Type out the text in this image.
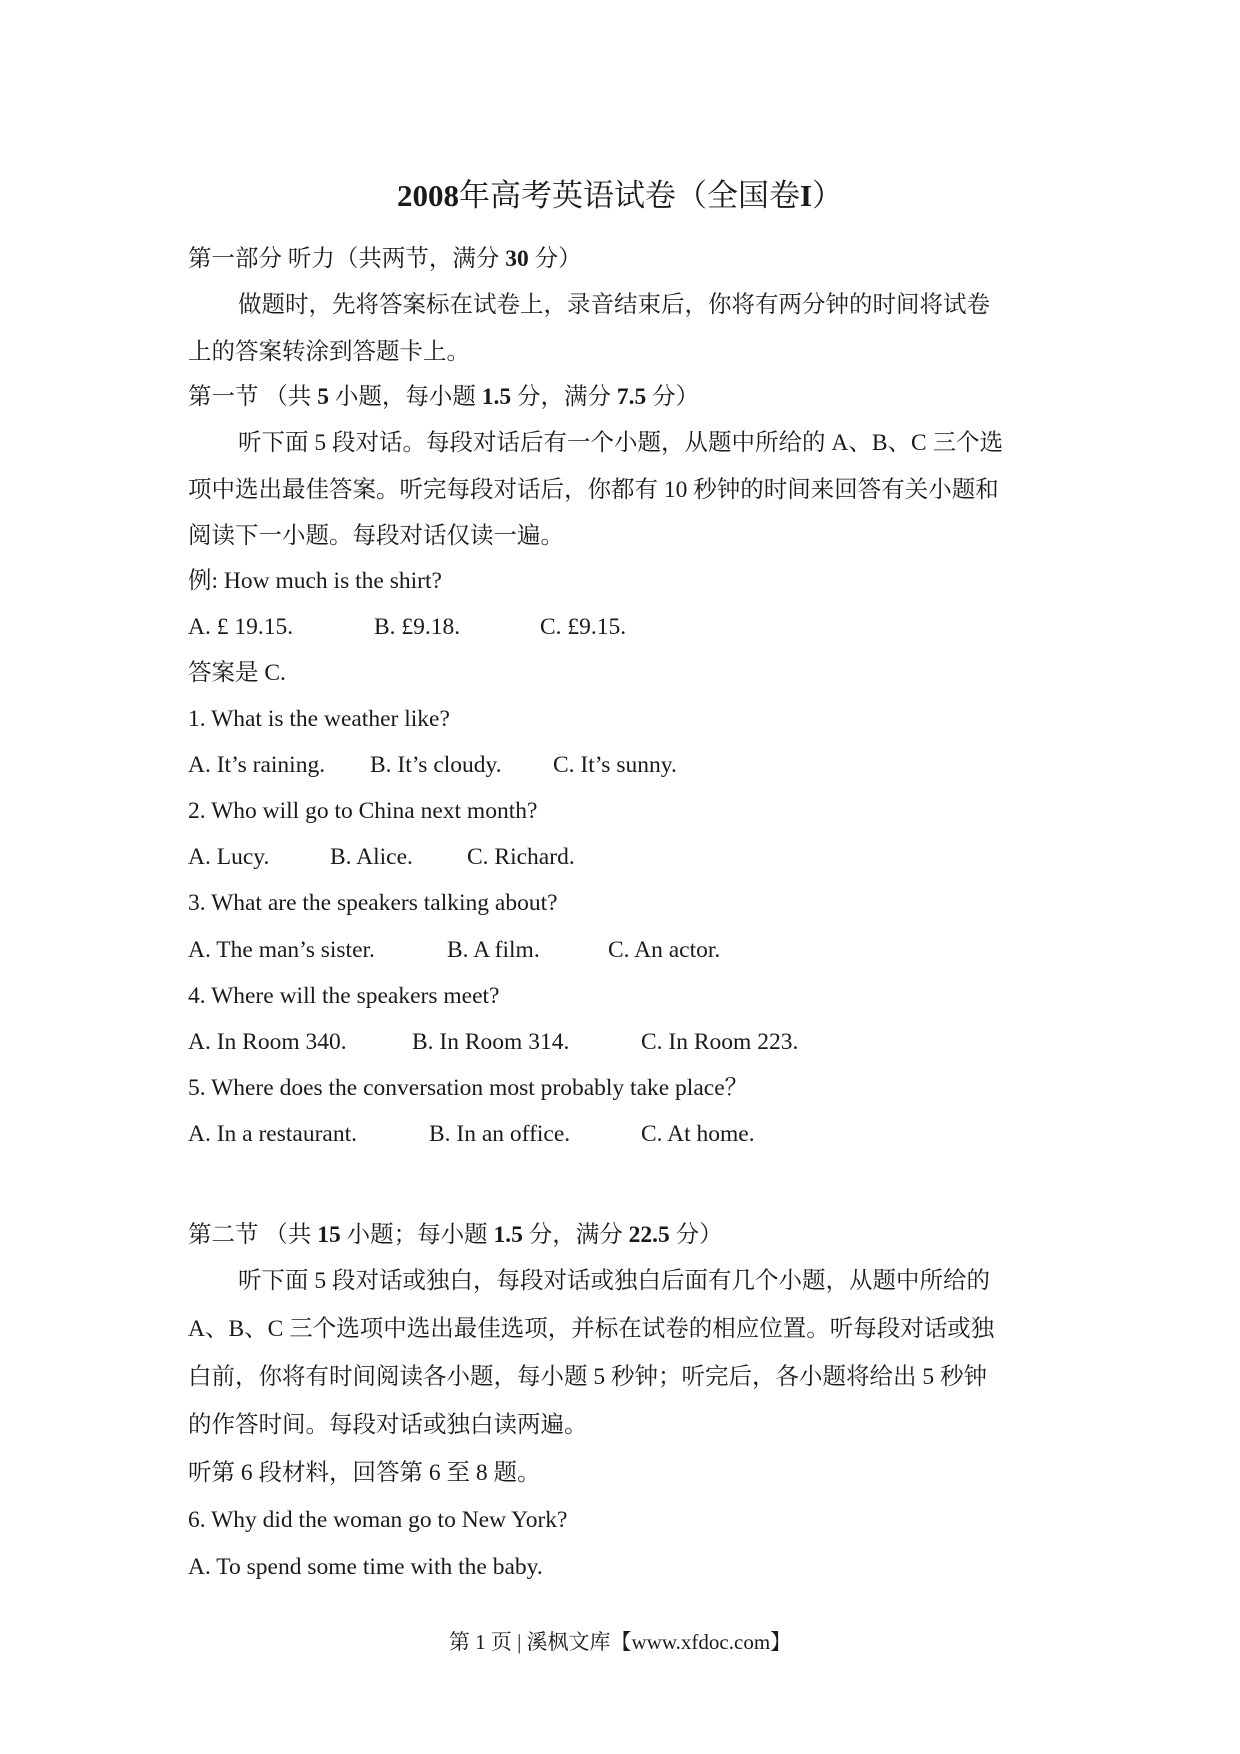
2008年高考英语试卷（全国卷I）
第一部分 听力（共两节，满分 30 分）
做题时，先将答案标在试卷上，录音结束后，你将有两分钟的时间将试卷
上的答案转涂到答题卡上。
第一节 （共 5 小题，每小题 1.5 分，满分 7.5 分）
听下面 5 段对话。每段对话后有一个小题，从题中所给的 A、B、C 三个选
项中选出最佳答案。听完每段对话后，你都有 10 秒钟的时间来回答有关小题和
阅读下一小题。每段对话仅读一遍。
例: How much is the shirt?
A. £ 19.15.	B. £9.18.	C. £9.15.
答案是 C.
1. What is the weather like?
A. It’s raining. B. It’s cloudy. C. It’s sunny.
2. Who will go to China next month?
A. Lucy.	B. Alice. C. Richard.
3. What are the speakers talking about?
A. The man’s sister.	B. A film.	C. An actor.
4. Where will the speakers meet?
A. In Room 340.	B. In Room 314.	C. In Room 223.
5. Where does the conversation most probably take place？
A. In a restaurant.	B. In an office.	C. At home.
第二节 （共 15 小题；每小题 1.5 分，满分 22.5 分）
听下面 5 段对话或独白，每段对话或独白后面有几个小题，从题中所给的
A、B、C 三个选项中选出最佳选项，并标在试卷的相应位置。听每段对话或独
白前，你将有时间阅读各小题，每小题 5 秒钟；听完后，各小题将给出 5 秒钟
的作答时间。每段对话或独白读两遍。
听第 6 段材料，回答第 6 至 8 题。
6. Why did the woman go to New York?
A. To spend some time with the baby.
第 1 页 | 溪枫文库【www.xfdoc.com】
